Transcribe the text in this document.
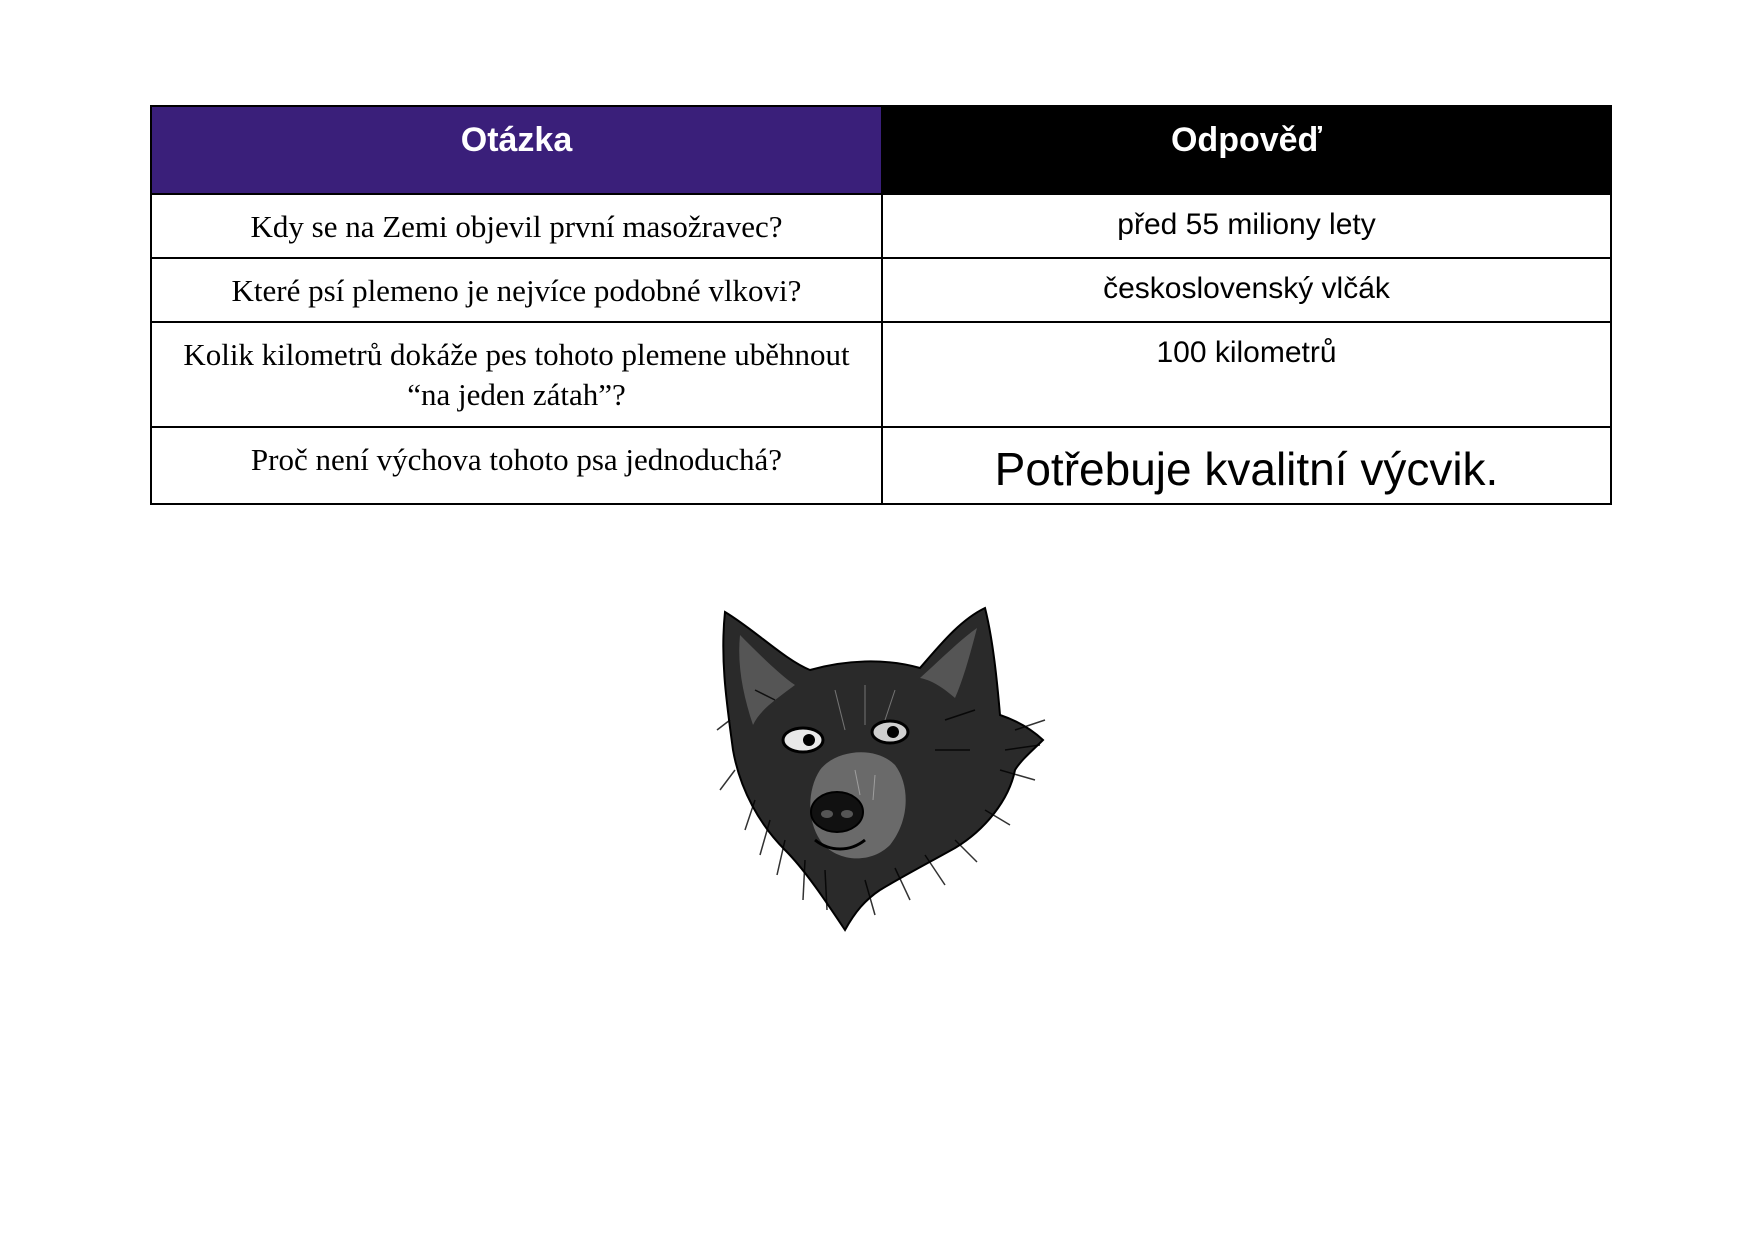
Otázka	Odpověď
Kdy se na Zemi objevil první masožravec?	před 55 miliony lety
Které psí plemeno je nejvíce podobné vlkovi?	československý vlčák
Kolik kilometrů dokáže pes tohoto plemene uběhnout “na jeden zátah”?	100 kilometrů
Proč není výchova tohoto psa jednoduchá?	Potřebuje kvalitní výcvik.
